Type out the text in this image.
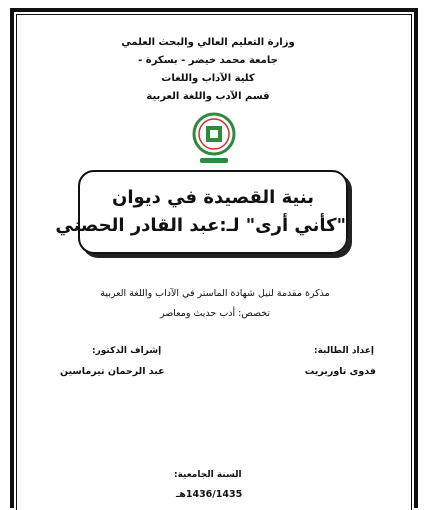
وزارة التعليم العالي والبحث العلمي
جامعة محمد خيضر - بسكرة -
كلية الآداب واللغات
قسم الآدب واللغة العربية
بنية القصيدة في ديوان
"كأني أرى" لـ:عبد القادر الحصني
مذكرة مقدمة لنيل شهادة الماستر في الآداب واللغة العربية
تخصص: أدب حديث ومعاصر
إعداد الطالبة:
فدوى تاوريريت
إشراف الدكتور:
عبد الرحمان تيرماسين
السنة الجامعية:
1436/1435هـ
